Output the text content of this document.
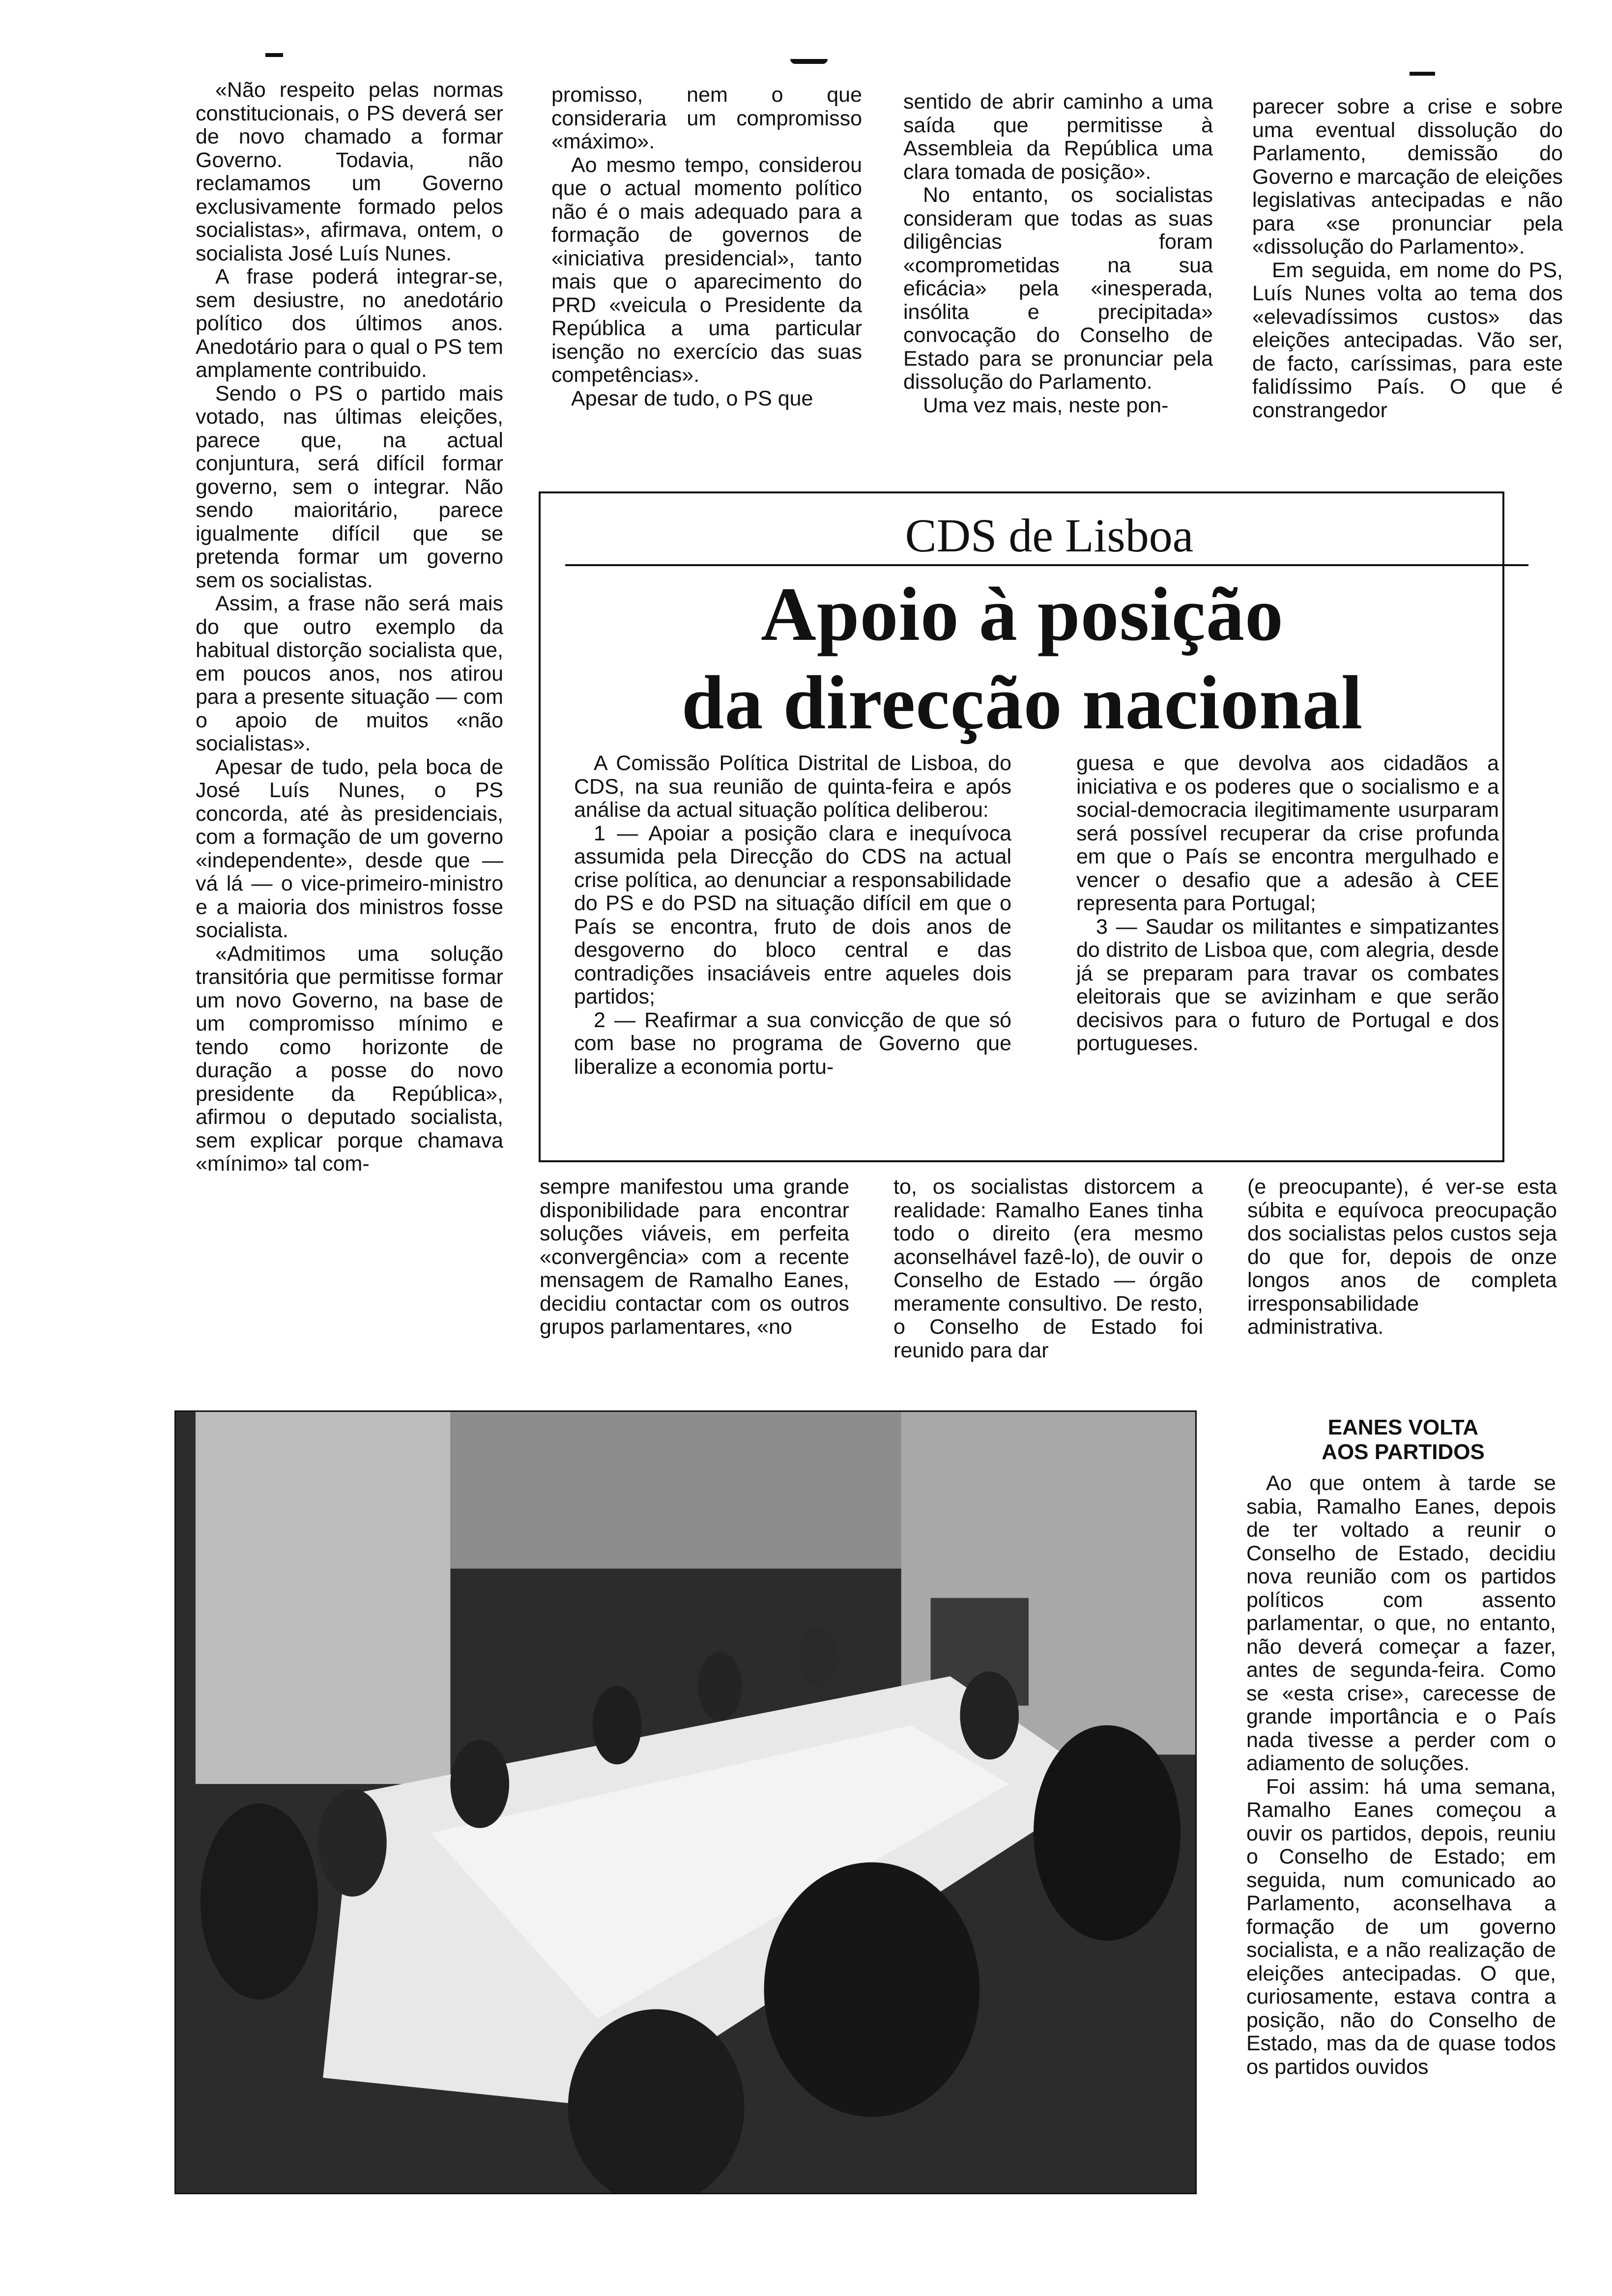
«Não respeito pelas normas constitucionais, o PS deverá ser de novo chamado a formar Governo. Todavia, não reclamamos um Governo exclusivamente formado pelos socialistas», afirmava, ontem, o socialista José Luís Nunes.

A frase poderá integrar-se, sem desiustre, no anedotário político dos últimos anos. Anedotário para o qual o PS tem amplamente contribuido.

Sendo o PS o partido mais votado, nas últimas eleições, parece que, na actual conjuntura, será difícil formar governo, sem o integrar. Não sendo maioritário, parece igualmente difícil que se pretenda formar um governo sem os socialistas.

Assim, a frase não será mais do que outro exemplo da habitual distorção socialista que, em poucos anos, nos atirou para a presente situação — com o apoio de muitos «não socialistas».

Apesar de tudo, pela boca de José Luís Nunes, o PS concorda, até às presidenciais, com a formação de um governo «independente», desde que — vá lá — o vice-primeiro-ministro e a maioria dos ministros fosse socialista.

«Admitimos uma solução transitória que permitisse formar um novo Governo, na base de um compromisso mínimo e tendo como horizonte de duração a posse do novo presidente da República», afirmou o deputado socialista, sem explicar porque chamava «mínimo» tal com-

promisso, nem o que consideraria um compromisso «máximo».

Ao mesmo tempo, considerou que o actual momento político não é o mais adequado para a formação de governos de «iniciativa presidencial», tanto mais que o aparecimento do PRD «veicula o Presidente da República a uma particular isenção no exercício das suas competências».

Apesar de tudo, o PS que

sentido de abrir caminho a uma saída que permitisse à Assembleia da República uma clara tomada de posição».

No entanto, os socialistas consideram que todas as suas diligências foram «comprometidas na sua eficácia» pela «inesperada, insólita e precipitada» convocação do Conselho de Estado para se pronunciar pela dissolução do Parlamento.

Uma vez mais, neste pon-

parecer sobre a crise e sobre uma eventual dissolução do Parlamento, demissão do Governo e marcação de eleições legislativas antecipadas e não para «se pronunciar pela «dissolução do Parlamento».

Em seguida, em nome do PS, Luís Nunes volta ao tema dos «elevadíssimos custos» das eleições antecipadas. Vão ser, de facto, caríssimas, para este falidíssimo País. O que é constrangedor

CDS de Lisboa
Apoio à posição
da direcção nacional

A Comissão Política Distrital de Lisboa, do CDS, na sua reunião de quinta-feira e após análise da actual situação política deliberou:

1 — Apoiar a posição clara e inequívoca assumida pela Direcção do CDS na actual crise política, ao denunciar a responsabilidade do PS e do PSD na situação difícil em que o País se encontra, fruto de dois anos de desgoverno do bloco central e das contradições insaciáveis entre aqueles dois partidos;

2 — Reafirmar a sua convicção de que só com base no programa de Governo que liberalize a economia portu-

guesa e que devolva aos cidadãos a iniciativa e os poderes que o socialismo e a social-democracia ilegitimamente usurparam será possível recuperar da crise profunda em que o País se encontra mergulhado e vencer o desafio que a adesão à CEE representa para Portugal;

3 — Saudar os militantes e simpatizantes do distrito de Lisboa que, com alegria, desde já se preparam para travar os combates eleitorais que se avizinham e que serão decisivos para o futuro de Portugal e dos portugueses.

sempre manifestou uma grande disponibilidade para encontrar soluções viáveis, em perfeita «convergência» com a recente mensagem de Ramalho Eanes, decidiu contactar com os outros grupos parlamentares, «no

to, os socialistas distorcem a realidade: Ramalho Eanes tinha todo o direito (era mesmo aconselhável fazê-lo), de ouvir o Conselho de Estado — órgão meramente consultivo. De resto, o Conselho de Estado foi reunido para dar

(e preocupante), é ver-se esta súbita e equívoca preocupação dos socialistas pelos custos seja do que for, depois de onze longos anos de completa irresponsabilidade administrativa.

EANES VOLTA
AOS PARTIDOS

Ao que ontem à tarde se sabia, Ramalho Eanes, depois de ter voltado a reunir o Conselho de Estado, decidiu nova reunião com os partidos políticos com assento parlamentar, o que, no entanto, não deverá começar a fazer, antes de segunda-feira. Como se «esta crise», carecesse de grande importância e o País nada tivesse a perder com o adiamento de soluções.

Foi assim: há uma semana, Ramalho Eanes começou a ouvir os partidos, depois, reuniu o Conselho de Estado; em seguida, num comunicado ao Parlamento, aconselhava a formação de um governo socialista, e a não realização de eleições antecipadas. O que, curiosamente, estava contra a posição, não do Conselho de Estado, mas da de quase todos os partidos ouvidos
